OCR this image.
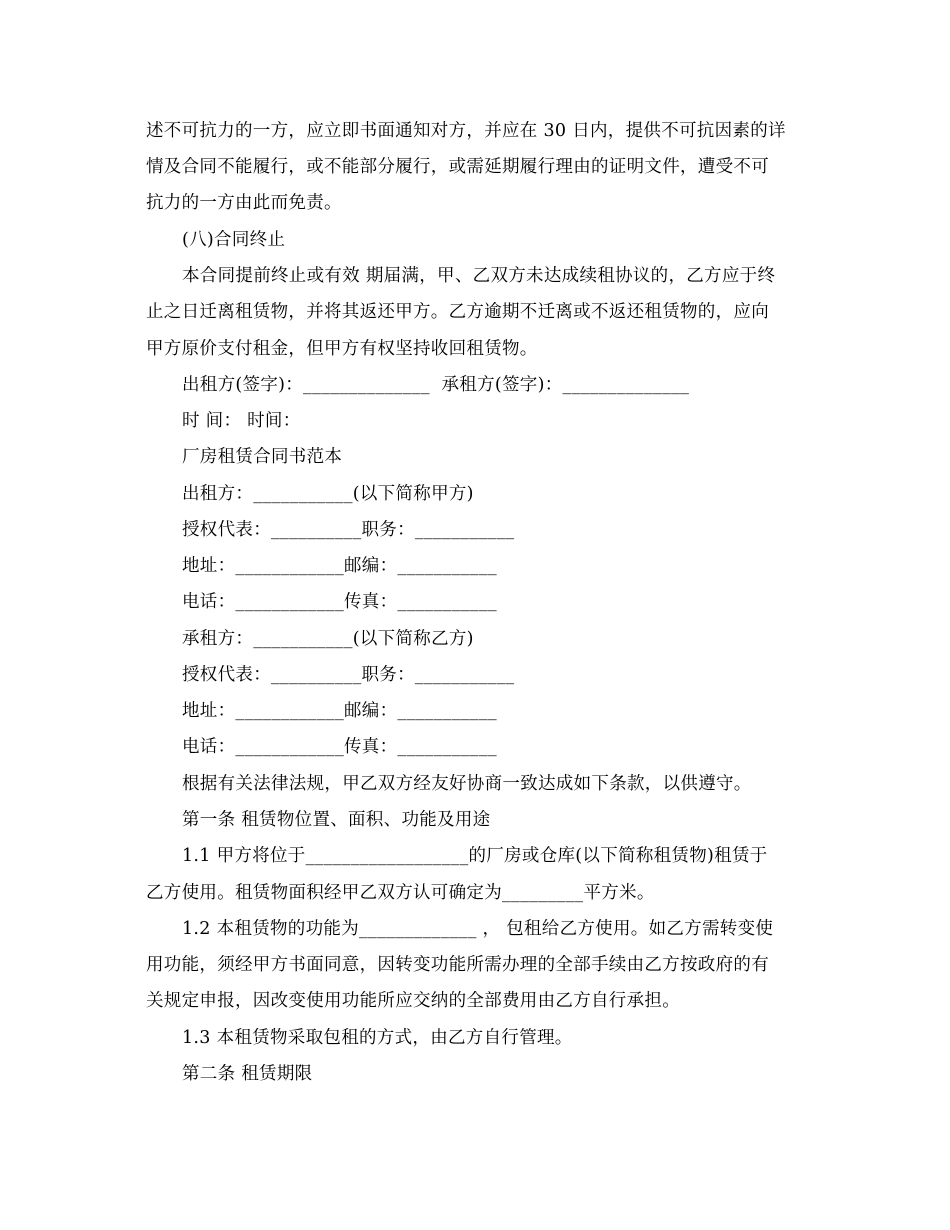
述不可抗力的一方，应立即书面通知对方，并应在 30 日内，提供不可抗因素的详
情及合同不能履行，或不能部分履行，或需延期履行理由的证明文件，遭受不可
抗力的一方由此而免责。
(八)合同终止
本合同提前终止或有效 期届满，甲、乙双方未达成续租协议的，乙方应于终
止之日迁离租赁物，并将其返还甲方。乙方逾期不迁离或不返还租赁物的，应向
甲方原价支付租金，但甲方有权坚持收回租赁物。
出租方(签字)：______________  承租方(签字)：______________
时 间： 时间：
厂房租赁合同书范本
出租方：___________(以下简称甲方)
授权代表：__________职务：___________
地址：____________邮编：___________
电话：____________传真：___________
承租方：___________(以下简称乙方)
授权代表：__________职务：___________
地址：____________邮编：___________
电话：____________传真：___________
根据有关法律法规，甲乙双方经友好协商一致达成如下条款，以供遵守。
第一条 租赁物位置、面积、功能及用途
1.1 甲方将位于__________________的厂房或仓库(以下简称租赁物)租赁于
乙方使用。租赁物面积经甲乙双方认可确定为_________平方米。
1.2 本租赁物的功能为_____________ ， 包租给乙方使用。如乙方需转变使
用功能，须经甲方书面同意，因转变功能所需办理的全部手续由乙方按政府的有
关规定申报，因改变使用功能所应交纳的全部费用由乙方自行承担。
1.3 本租赁物采取包租的方式，由乙方自行管理。
第二条 租赁期限
